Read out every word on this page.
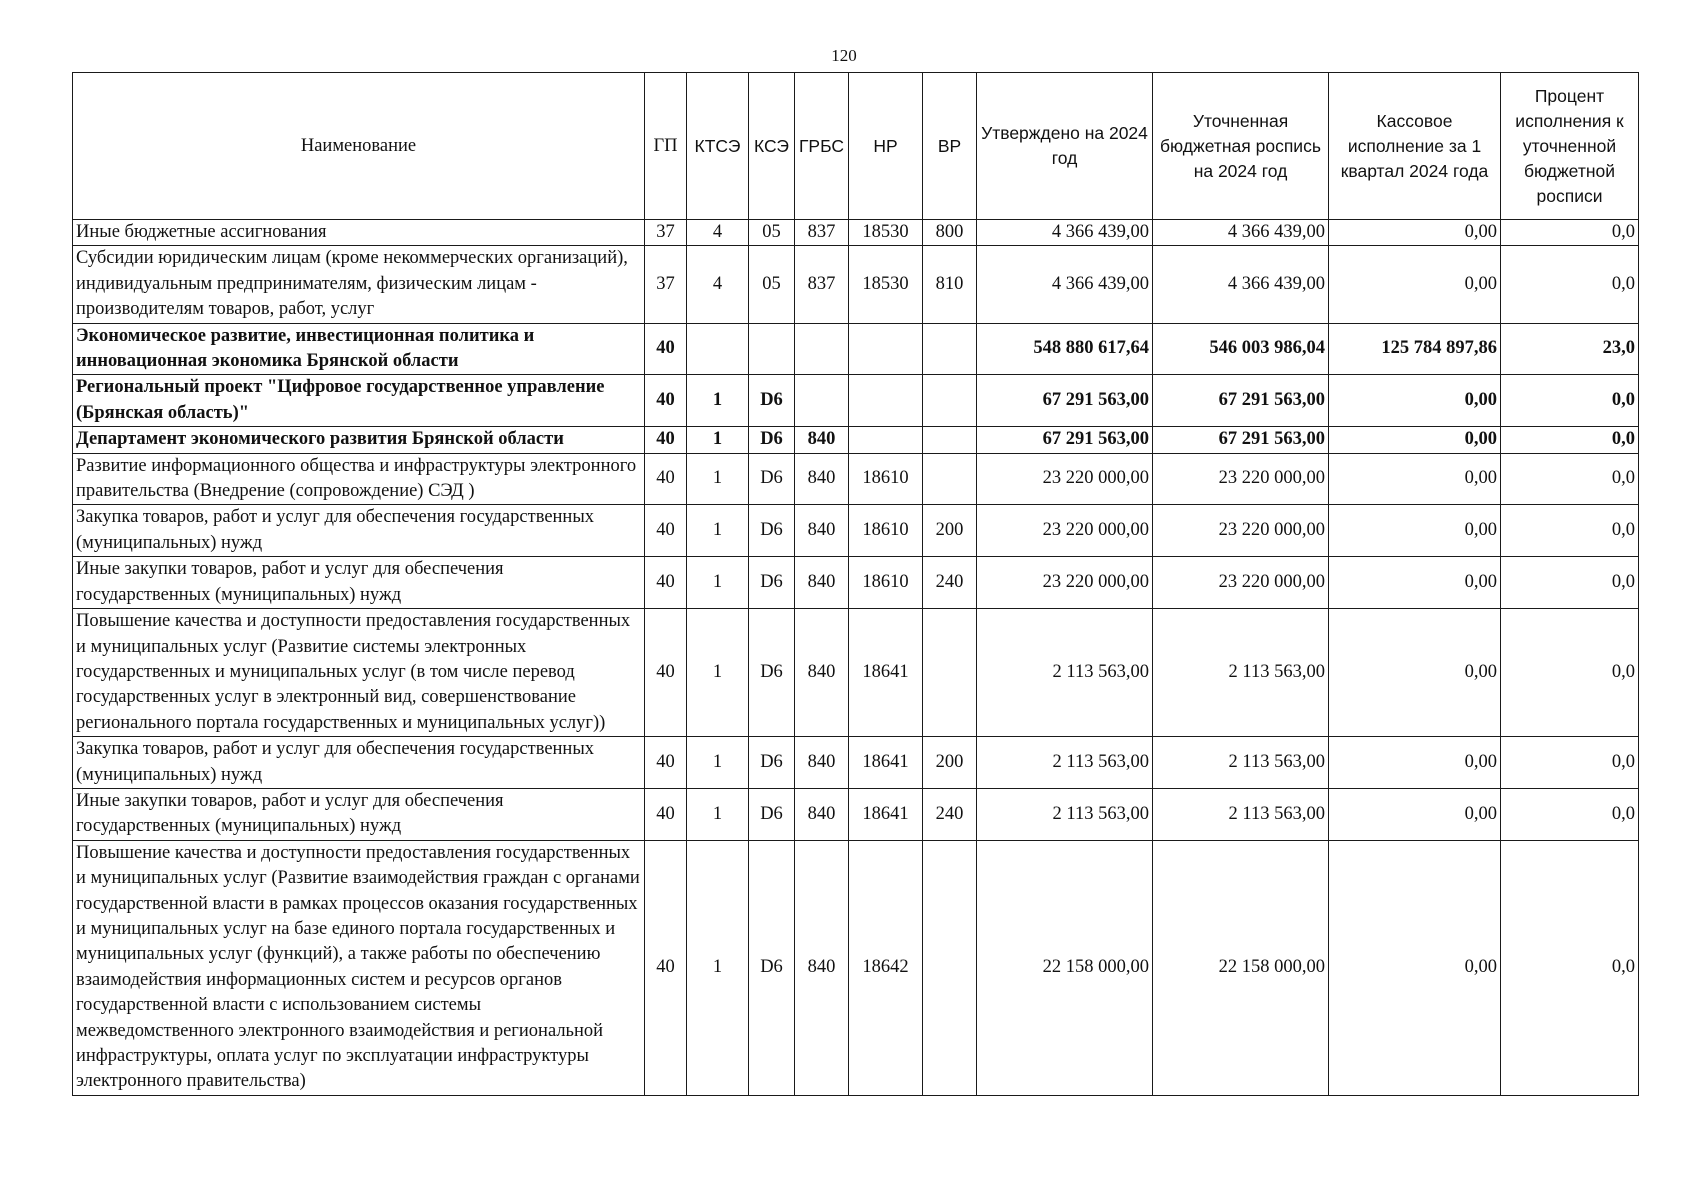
120
Наименование	ГП	КТСЭ	КСЭ	ГРБС	НР	ВР	Утверждено на 2024 год	Уточненная бюджетная роспись на 2024 год	Кассовое исполнение за 1 квартал 2024 года	Процент исполнения к уточненной бюджетной росписи
Иные бюджетные ассигнования	37	4	05	837	18530	800	4 366 439,00	4 366 439,00	0,00	0,0
Субсидии юридическим лицам (кроме некоммерческих организаций), индивидуальным предпринимателям, физическим лицам - производителям товаров, работ, услуг	37	4	05	837	18530	810	4 366 439,00	4 366 439,00	0,00	0,0
Экономическое развитие, инвестиционная политика и инновационная экономика Брянской области	40						548 880 617,64	546 003 986,04	125 784 897,86	23,0
Региональный проект "Цифровое государственное управление (Брянская область)"	40	1	D6				67 291 563,00	67 291 563,00	0,00	0,0
Департамент экономического развития Брянской области	40	1	D6	840			67 291 563,00	67 291 563,00	0,00	0,0
Развитие информационного общества и инфраструктуры электронного правительства (Внедрение (сопровождение) СЭД )	40	1	D6	840	18610		23 220 000,00	23 220 000,00	0,00	0,0
Закупка товаров, работ и услуг для обеспечения государственных (муниципальных) нужд	40	1	D6	840	18610	200	23 220 000,00	23 220 000,00	0,00	0,0
Иные закупки товаров, работ и услуг для обеспечения государственных (муниципальных) нужд	40	1	D6	840	18610	240	23 220 000,00	23 220 000,00	0,00	0,0
Повышение качества и доступности предоставления государственных и муниципальных услуг (Развитие системы электронных государственных и муниципальных услуг (в том числе перевод государственных услуг в электронный вид, совершенствование регионального портала государственных и муниципальных услуг))	40	1	D6	840	18641		2 113 563,00	2 113 563,00	0,00	0,0
Закупка товаров, работ и услуг для обеспечения государственных (муниципальных) нужд	40	1	D6	840	18641	200	2 113 563,00	2 113 563,00	0,00	0,0
Иные закупки товаров, работ и услуг для обеспечения государственных (муниципальных) нужд	40	1	D6	840	18641	240	2 113 563,00	2 113 563,00	0,00	0,0
Повышение качества и доступности предоставления государственных и муниципальных услуг (Развитие взаимодействия граждан с органами государственной власти в рамках процессов оказания государственных и муниципальных услуг на базе единого портала государственных и муниципальных услуг (функций), а также работы по обеспечению взаимодействия информационных систем и ресурсов органов государственной власти с использованием системы межведомственного электронного взаимодействия и региональной инфраструктуры, оплата услуг по эксплуатации инфраструктуры электронного правительства)	40	1	D6	840	18642		22 158 000,00	22 158 000,00	0,00	0,0
